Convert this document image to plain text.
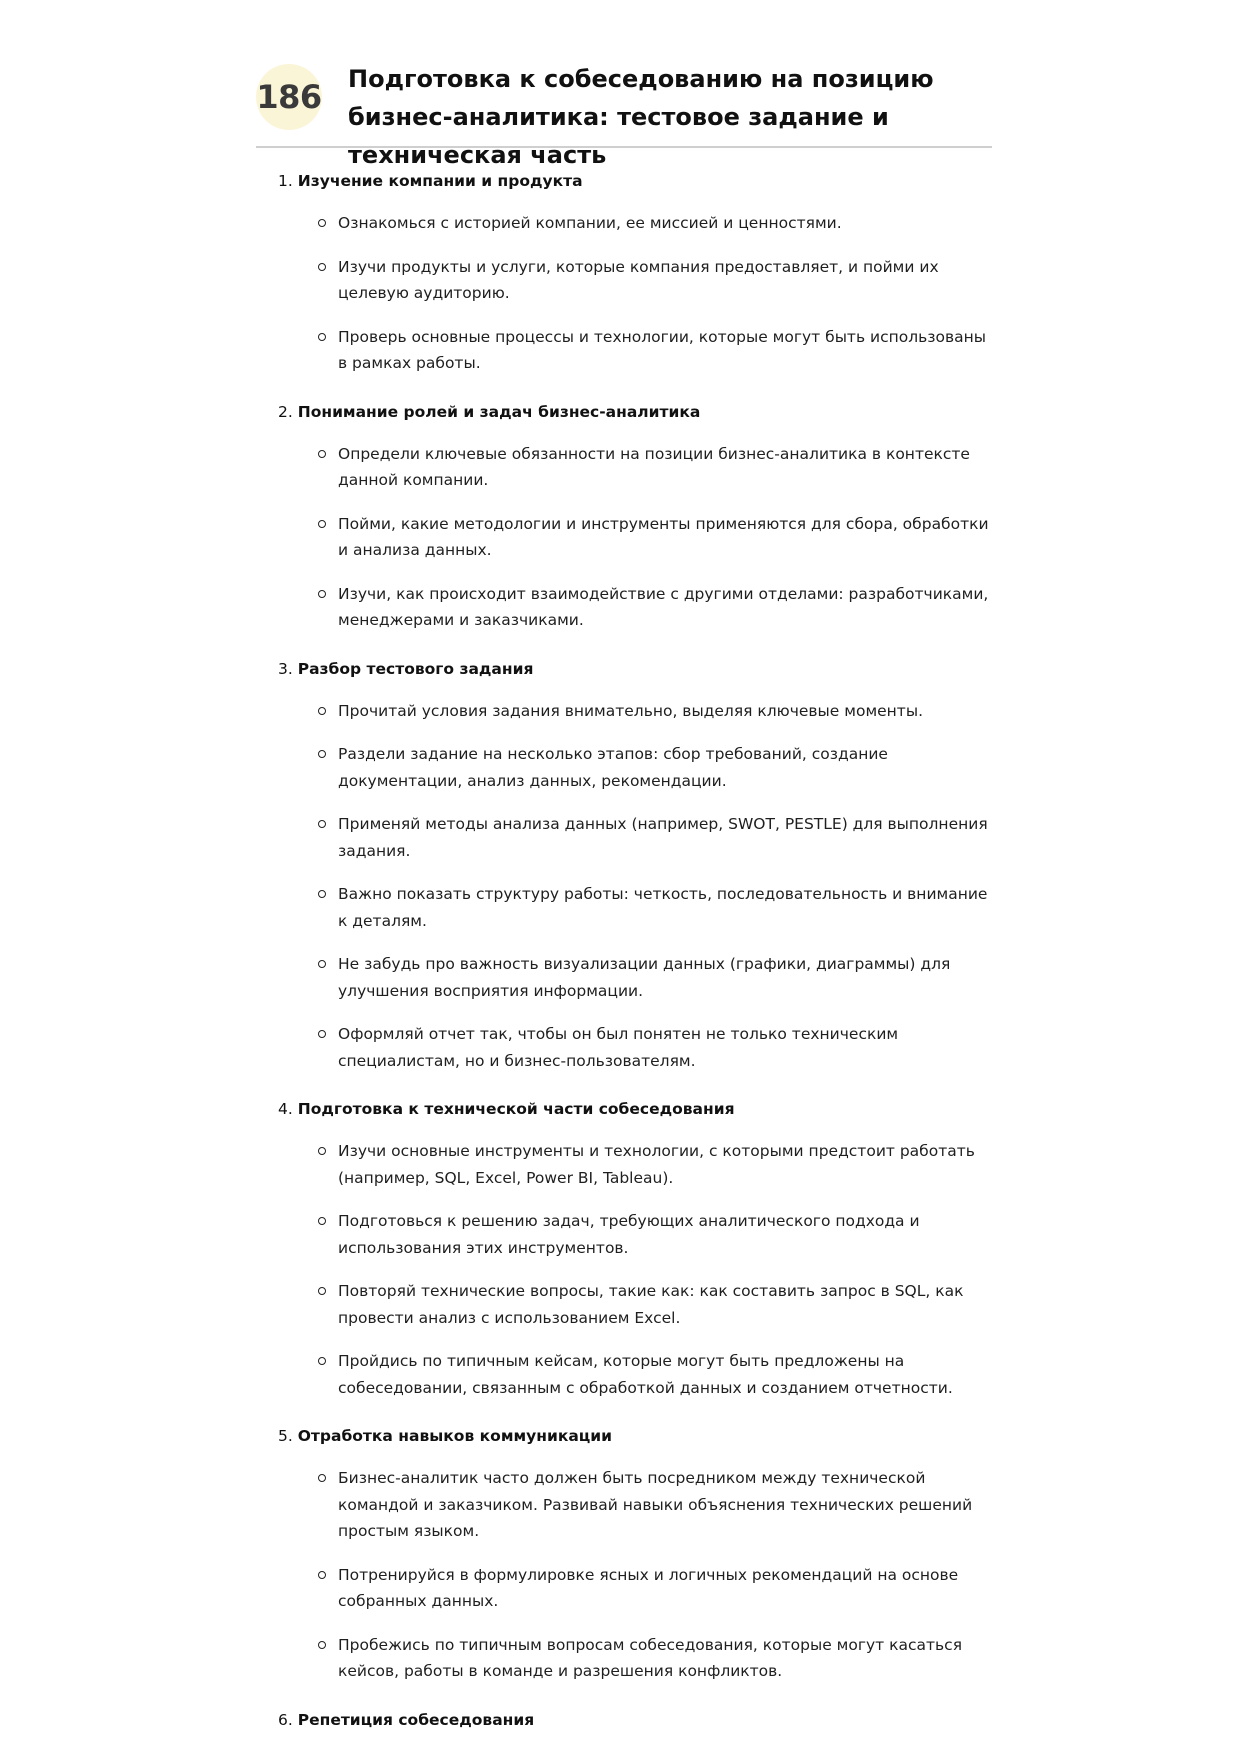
186 Подготовка к собеседованию на позицию бизнес-аналитика: тестовое задание и техническая часть
1. Изучение компании и продукта
Ознакомься с историей компании, ее миссией и ценностями.
Изучи продукты и услуги, которые компания предоставляет, и пойми их целевую аудиторию.
Проверь основные процессы и технологии, которые могут быть использованы в рамках работы.
2. Понимание ролей и задач бизнес-аналитика
Определи ключевые обязанности на позиции бизнес-аналитика в контексте данной компании.
Пойми, какие методологии и инструменты применяются для сбора, обработки и анализа данных.
Изучи, как происходит взаимодействие с другими отделами: разработчиками, менеджерами и заказчиками.
3. Разбор тестового задания
Прочитай условия задания внимательно, выделяя ключевые моменты.
Раздели задание на несколько этапов: сбор требований, создание документации, анализ данных, рекомендации.
Применяй методы анализа данных (например, SWOT, PESTLE) для выполнения задания.
Важно показать структуру работы: четкость, последовательность и внимание к деталям.
Не забудь про важность визуализации данных (графики, диаграммы) для улучшения восприятия информации.
Оформляй отчет так, чтобы он был понятен не только техническим специалистам, но и бизнес-пользователям.
4. Подготовка к технической части собеседования
Изучи основные инструменты и технологии, с которыми предстоит работать (например, SQL, Excel, Power BI, Tableau).
Подготовься к решению задач, требующих аналитического подхода и использования этих инструментов.
Повторяй технические вопросы, такие как: как составить запрос в SQL, как провести анализ с использованием Excel.
Пройдись по типичным кейсам, которые могут быть предложены на собеседовании, связанным с обработкой данных и созданием отчетности.
5. Отработка навыков коммуникации
Бизнес-аналитик часто должен быть посредником между технической командой и заказчиком. Развивай навыки объяснения технических решений простым языком.
Потренируйся в формулировке ясных и логичных рекомендаций на основе собранных данных.
Пробежись по типичным вопросам собеседования, которые могут касаться кейсов, работы в команде и разрешения конфликтов.
6. Репетиция собеседования
